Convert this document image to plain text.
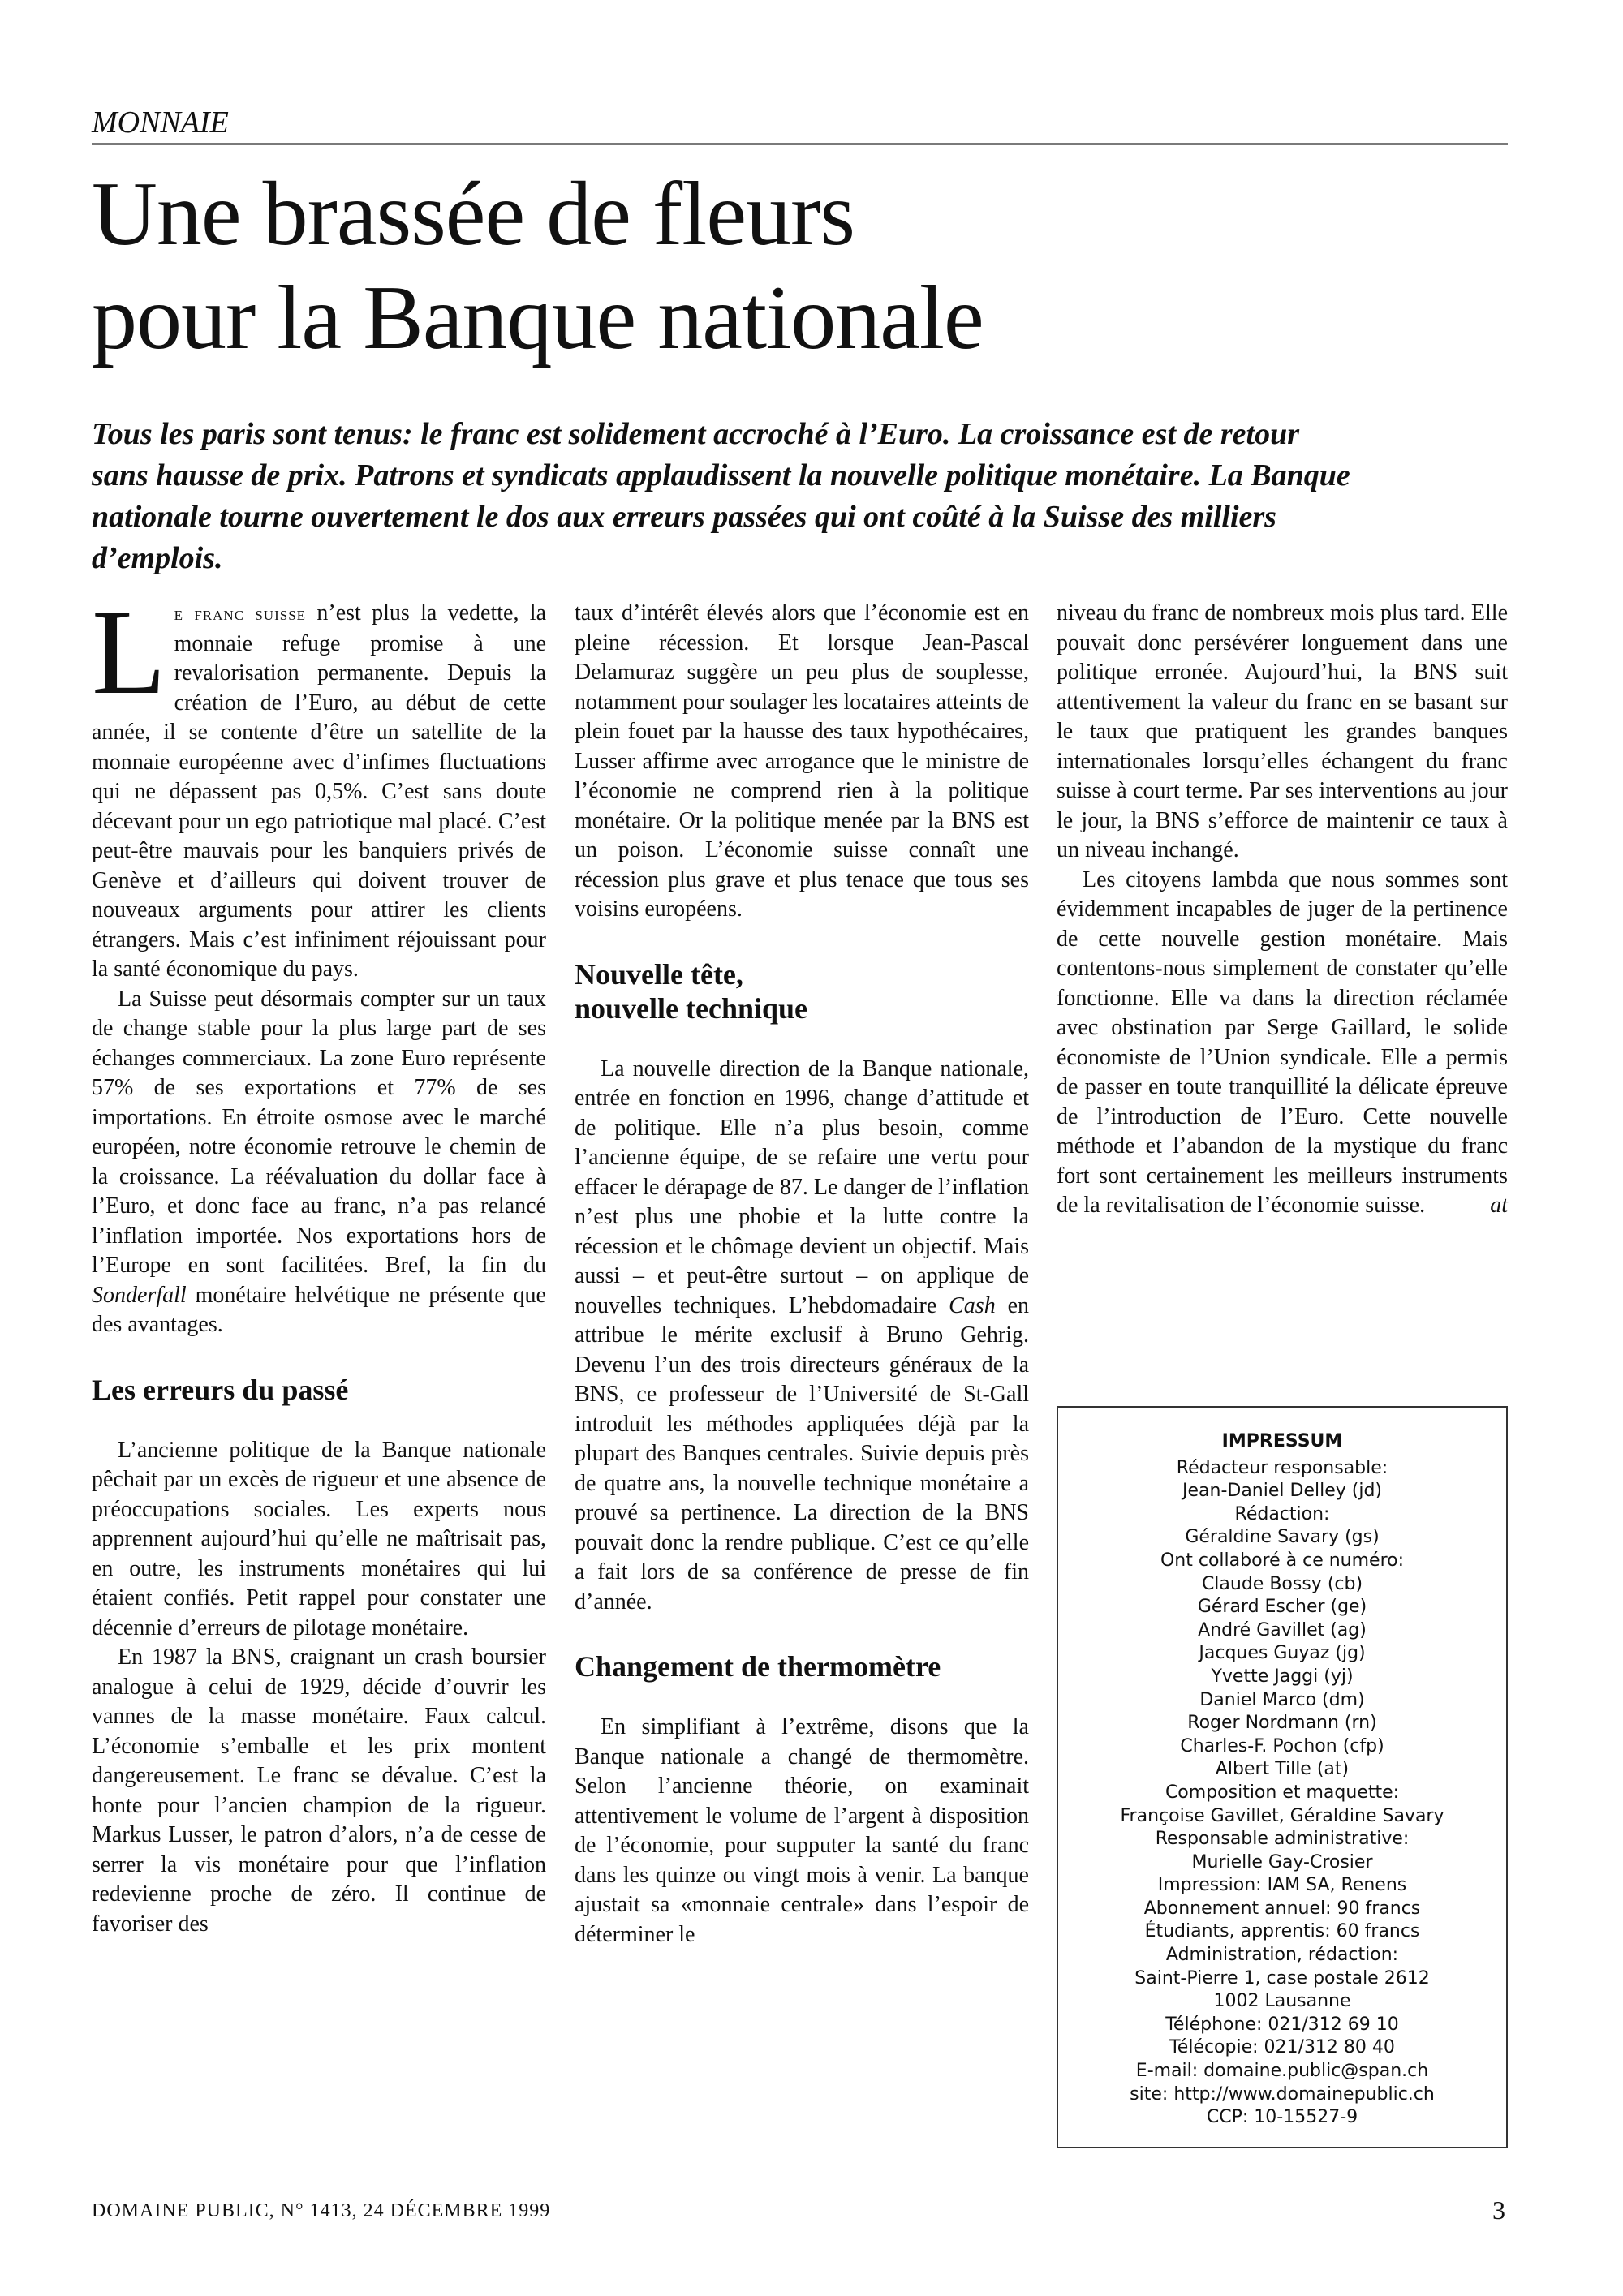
MONNAIE
Une brassée de fleurs
pour la Banque nationale
Tous les paris sont tenus: le franc est solidement accroché à l’Euro. La croissance est de retour sans hausse de prix. Patrons et syndicats applaudissent la nouvelle politique monétaire. La Banque nationale tourne ouvertement le dos aux erreurs passées qui ont coûté à la Suisse des milliers d’emplois.

Le franc suisse n’est plus la vedette, la monnaie refuge promise à une revalorisation permanente. Depuis la création de l’Euro, au début de cette année, il se contente d’être un satellite de la monnaie européenne avec d’infimes fluctuations qui ne dépassent pas 0,5%. C’est sans doute décevant pour un ego patriotique mal placé. C’est peut-être mauvais pour les banquiers privés de Genève et d’ailleurs qui doivent trouver de nouveaux arguments pour attirer les clients étrangers. Mais c’est infiniment réjouissant pour la santé économique du pays.

La Suisse peut désormais compter sur un taux de change stable pour la plus large part de ses échanges commerciaux. La zone Euro représente 57% de ses exportations et 77% de ses importations. En étroite osmose avec le marché européen, notre économie retrouve le chemin de la croissance. La réévaluation du dollar face à l’Euro, et donc face au franc, n’a pas relancé l’inflation importée. Nos exportations hors de l’Europe en sont facilitées. Bref, la fin du Sonderfall monétaire helvétique ne présente que des avantages.

Les erreurs du passé

L’ancienne politique de la Banque nationale pêchait par un excès de rigueur et une absence de préoccupations sociales. Les experts nous apprennent aujourd’hui qu’elle ne maîtrisait pas, en outre, les instruments monétaires qui lui étaient confiés. Petit rappel pour constater une décennie d’erreurs de pilotage monétaire.

En 1987 la BNS, craignant un crash boursier analogue à celui de 1929, décide d’ouvrir les vannes de la masse monétaire. Faux calcul. L’économie s’emballe et les prix montent dangereusement. Le franc se dévalue. C’est la honte pour l’ancien champion de la rigueur. Markus Lusser, le patron d’alors, n’a de cesse de serrer la vis monétaire pour que l’inflation redevienne proche de zéro. Il continue de favoriser des

taux d’intérêt élevés alors que l’économie est en pleine récession. Et lorsque Jean-Pascal Delamuraz suggère un peu plus de souplesse, notamment pour soulager les locataires atteints de plein fouet par la hausse des taux hypothécaires, Lusser affirme avec arrogance que le ministre de l’économie ne comprend rien à la politique monétaire. Or la politique menée par la BNS est un poison. L’économie suisse connaît une récession plus grave et plus tenace que tous ses voisins européens.

Nouvelle tête,
nouvelle technique

La nouvelle direction de la Banque nationale, entrée en fonction en 1996, change d’attitude et de politique. Elle n’a plus besoin, comme l’ancienne équipe, de se refaire une vertu pour effacer le dérapage de 87. Le danger de l’inflation n’est plus une phobie et la lutte contre la récession et le chômage devient un objectif. Mais aussi – et peut-être surtout – on applique de nouvelles techniques. L’hebdomadaire Cash en attribue le mérite exclusif à Bruno Gehrig. Devenu l’un des trois directeurs généraux de la BNS, ce professeur de l’Université de St-Gall introduit les méthodes appliquées déjà par la plupart des Banques centrales. Suivie depuis près de quatre ans, la nouvelle technique monétaire a prouvé sa pertinence. La direction de la BNS pouvait donc la rendre publique. C’est ce qu’elle a fait lors de sa conférence de presse de fin d’année.

Changement de thermomètre

En simplifiant à l’extrême, disons que la Banque nationale a changé de thermomètre. Selon l’ancienne théorie, on examinait attentivement le volume de l’argent à disposition de l’économie, pour supputer la santé du franc dans les quinze ou vingt mois à venir. La banque ajustait sa «monnaie centrale» dans l’espoir de déterminer le

niveau du franc de nombreux mois plus tard. Elle pouvait donc persévérer longuement dans une politique erronée. Aujourd’hui, la BNS suit attentivement la valeur du franc en se basant sur le taux que pratiquent les grandes banques internationales lorsqu’elles échangent du franc suisse à court terme. Par ses interventions au jour le jour, la BNS s’efforce de maintenir ce taux à un niveau inchangé.

Les citoyens lambda que nous sommes sont évidemment incapables de juger de la pertinence de cette nouvelle gestion monétaire. Mais contentons-nous simplement de constater qu’elle fonctionne. Elle va dans la direction réclamée avec obstination par Serge Gaillard, le solide économiste de l’Union syndicale. Elle a permis de passer en toute tranquillité la délicate épreuve de l’introduction de l’Euro. Cette nouvelle méthode et l’abandon de la mystique du franc fort sont certainement les meilleurs instruments de la revitalisation de l’économie suisse.	at

IMPRESSUM
Rédacteur responsable:
Jean-Daniel Delley (jd)
Rédaction:
Géraldine Savary (gs)
Ont collaboré à ce numéro:
Claude Bossy (cb)
Gérard Escher (ge)
André Gavillet (ag)
Jacques Guyaz (jg)
Yvette Jaggi (yj)
Daniel Marco (dm)
Roger Nordmann (rn)
Charles-F. Pochon (cfp)
Albert Tille (at)
Composition et maquette:
Françoise Gavillet, Géraldine Savary
Responsable administrative:
Murielle Gay-Crosier
Impression: IAM SA, Renens
Abonnement annuel: 90 francs
Étudiants, apprentis: 60 francs
Administration, rédaction:
Saint-Pierre 1, case postale 2612
1002 Lausanne
Téléphone: 021/312 69 10
Télécopie: 021/312 80 40
E-mail: domaine.public@span.ch
site: http://www.domainepublic.ch
CCP: 10-15527-9
DOMAINE PUBLIC, N° 1413, 24 DÉCEMBRE 1999	3
